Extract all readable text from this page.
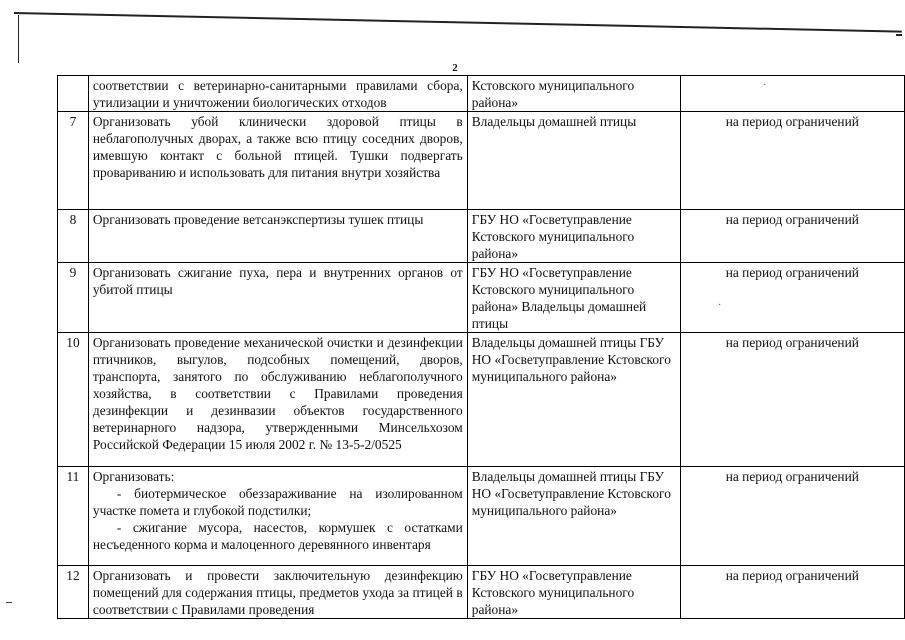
·
·
2
	соответствии с ветеринарно-санитарными правилами сбора, утилизации и уничтожении биологических отходов	Кстовского муниципального района»	
7	Организовать убой клинически здоровой птицы в неблагополучных дворах, а также всю птицу соседних дворов, имевшую контакт с больной птицей. Тушки подвергать провариванию и использовать для питания внутри хозяйства	Владельцы домашней птицы	на период ограничений
8	Организовать проведение ветсанэкспертизы тушек птицы	ГБУ НО «Госветуправление Кстовского муниципального района»	на период ограничений
9	Организовать сжигание пуха, пера и внутренних органов от убитой птицы	ГБУ НО «Госветуправление Кстовского муниципального района» Владельцы домашней птицы	на период ограничений
10	Организовать проведение механической очистки и дезинфекции птичников, выгулов, подсобных помещений, дворов, транспорта, занятого по обслуживанию неблагополучного хозяйства, в соответствии с Правилами проведения дезинфекции и дезинвазии объектов государственного ветеринарного надзора, утвержденными Минсельхозом Российской Федерации 15 июля 2002 г. № 13-5-2/0525	Владельцы домашней птицы ГБУ НО «Госветуправление Кстовского муниципального района»	на период ограничений
11	Организовать:
- биотермическое обеззараживание на изолированном участке помета и глубокой подстилки;
- сжигание мусора, насестов, кормушек с остатками несъеденного корма и малоценного деревянного инвентаря	Владельцы домашней птицы ГБУ НО «Госветуправление Кстовского муниципального района»	на период ограничений
12	Организовать и провести заключительную дезинфекцию помещений для содержания птицы, предметов ухода за птицей в соответствии с Правилами проведения	ГБУ НО «Госветуправление Кстовского муниципального района»	на период ограничений
